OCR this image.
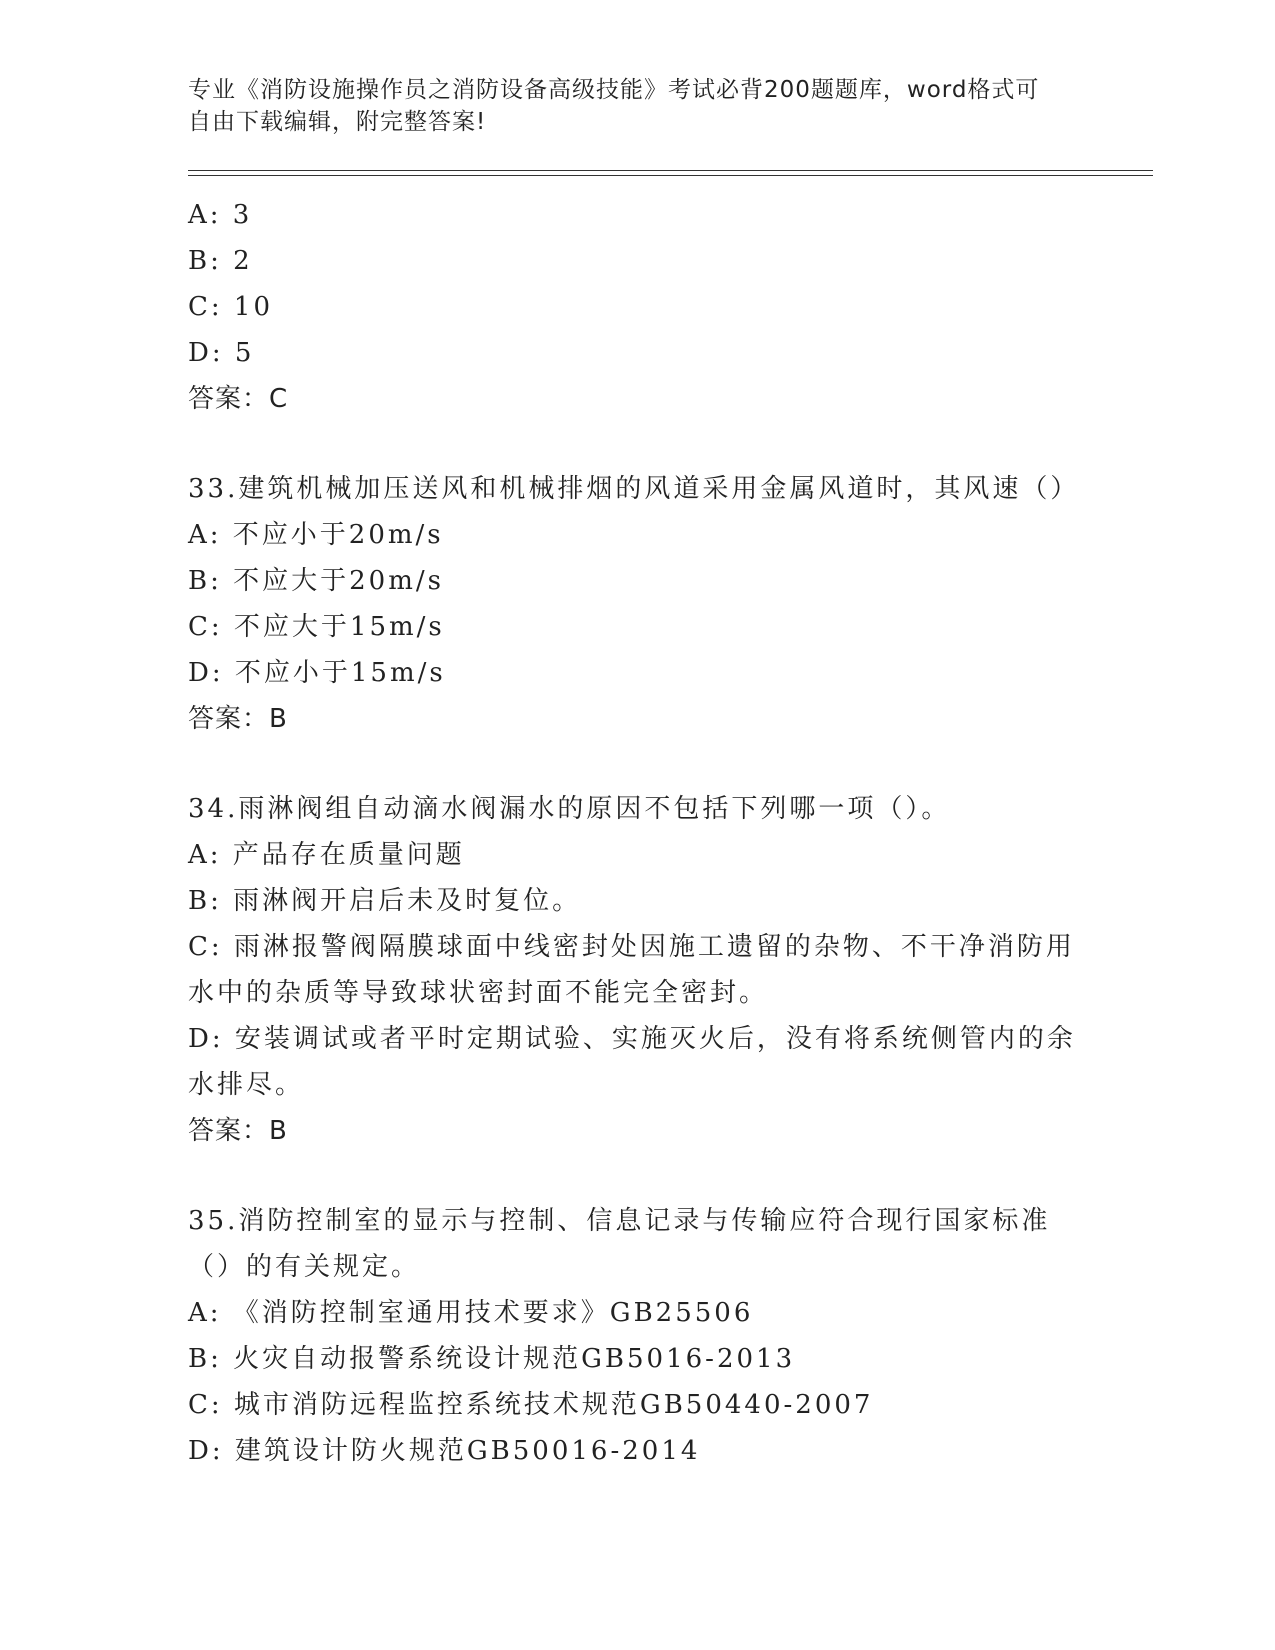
专业《消防设施操作员之消防设备高级技能》考试必背200题题库，word格式可
自由下载编辑，附完整答案!
A: 3
B: 2
C: 10
D: 5
答案：C
33.建筑机械加压送风和机械排烟的风道采用金属风道时，其风速（）
A: 不应小于20m/s
B: 不应大于20m/s
C: 不应大于15m/s
D: 不应小于15m/s
答案：B
34.雨淋阀组自动滴水阀漏水的原因不包括下列哪一项（）。
A: 产品存在质量问题
B: 雨淋阀开启后未及时复位。
C: 雨淋报警阀隔膜球面中线密封处因施工遗留的杂物、不干净消防用水中的杂质等导致球状密封面不能完全密封。
D: 安装调试或者平时定期试验、实施灭火后，没有将系统侧管内的余水排尽。
答案：B
35.消防控制室的显示与控制、信息记录与传输应符合现行国家标准（）的有关规定。
A: 《消防控制室通用技术要求》GB25506
B: 火灾自动报警系统设计规范GB5016-2013
C: 城市消防远程监控系统技术规范GB50440-2007
D: 建筑设计防火规范GB50016-2014
